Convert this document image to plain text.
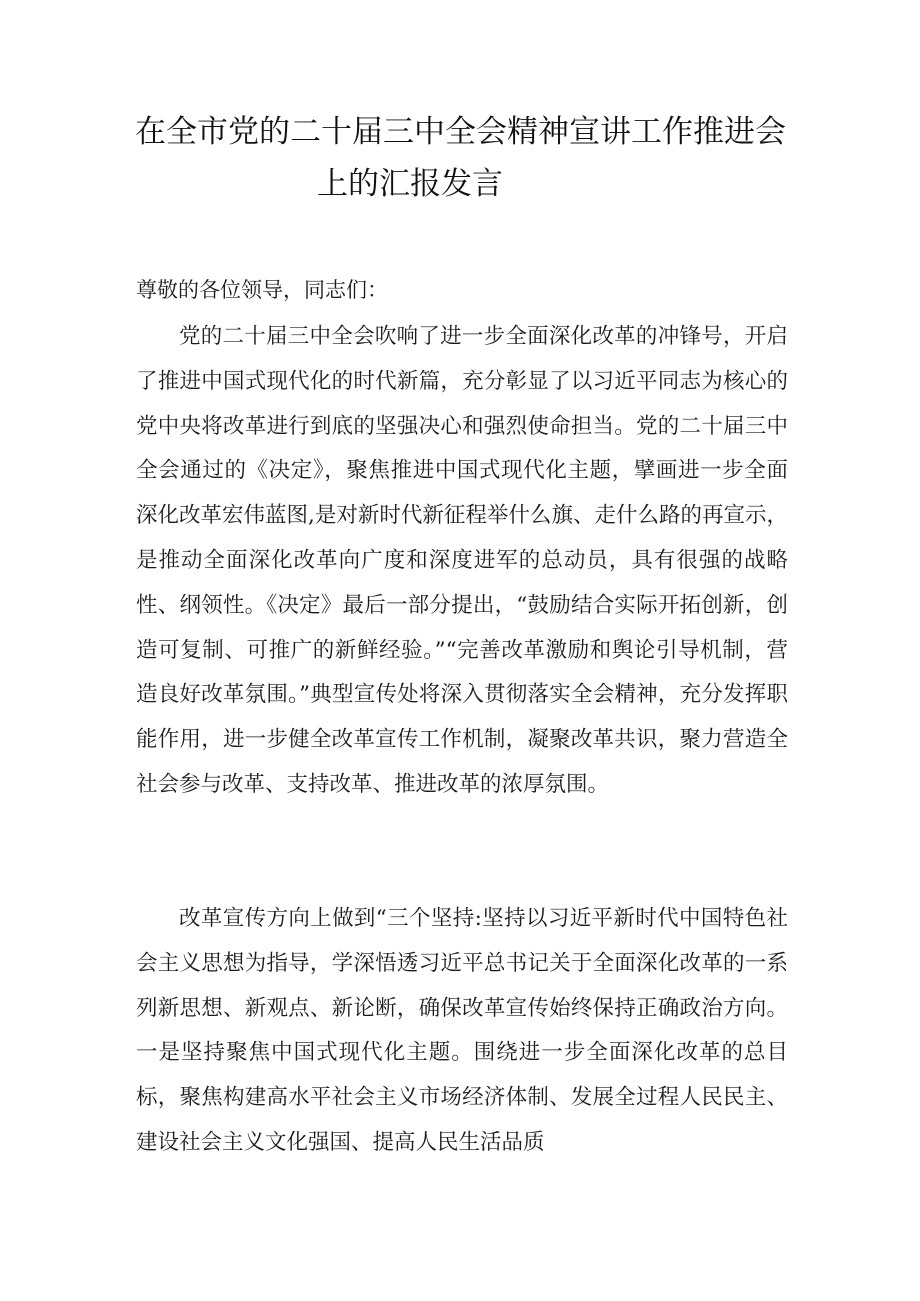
在全市党的二十届三中全会精神宣讲工作推进会
上的汇报发言

尊敬的各位领导，同志们：

党的二十届三中全会吹响了进一步全面深化改革的冲锋号，开启了推进中国式现代化的时代新篇，充分彰显了以习近平同志为核心的党中央将改革进行到底的坚强决心和强烈使命担当。党的二十届三中全会通过的《决定》，聚焦推进中国式现代化主题，擘画进一步全面深化改革宏伟蓝图,是对新时代新征程举什么旗、走什么路的再宣示，是推动全面深化改革向广度和深度进军的总动员，具有很强的战略性、纲领性。《决定》最后一部分提出，“鼓励结合实际开拓创新，创造可复制、可推广的新鲜经验。”“完善改革激励和舆论引导机制，营造良好改革氛围。”典型宣传处将深入贯彻落实全会精神，充分发挥职能作用，进一步健全改革宣传工作机制，凝聚改革共识，聚力营造全社会参与改革、支持改革、推进改革的浓厚氛围。

改革宣传方向上做到“三个坚持:坚持以习近平新时代中国特色社会主义思想为指导，学深悟透习近平总书记关于全面深化改革的一系列新思想、新观点、新论断，确保改革宣传始终保持正确政治方向。一是坚持聚焦中国式现代化主题。围绕进一步全面深化改革的总目标，聚焦构建高水平社会主义市场经济体制、发展全过程人民民主、建设社会主义文化强国、提高人民生活品质
